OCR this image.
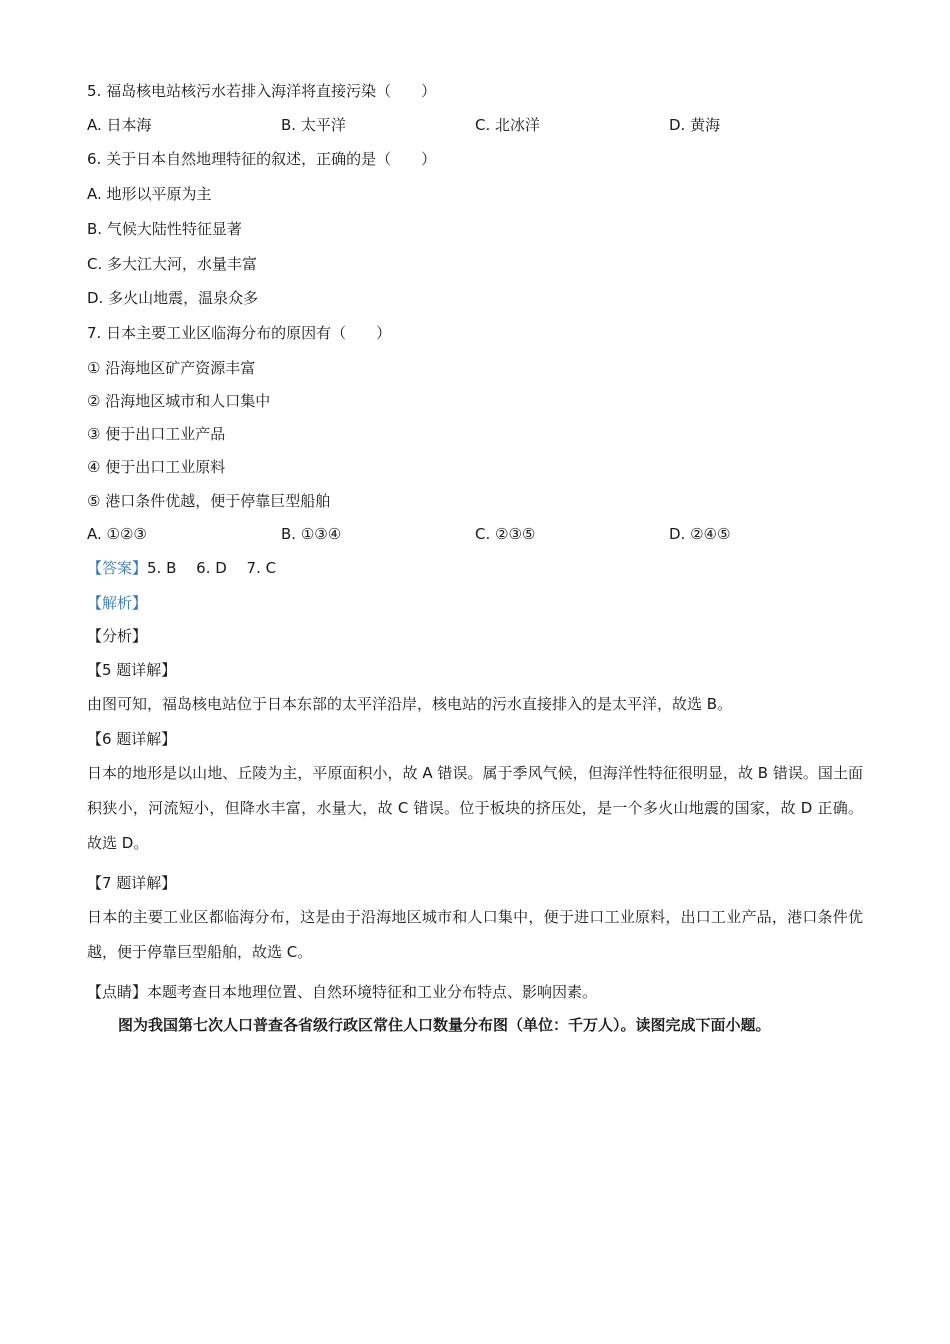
5. 福岛核电站核污水若排入海洋将直接污染（　　）
A. 日本海	B. 太平洋	C. 北冰洋	D. 黄海
6. 关于日本自然地理特征的叙述，正确的是（　　）
A. 地形以平原为主
B. 气候大陆性特征显著
C. 多大江大河，水量丰富
D. 多火山地震，温泉众多
7. 日本主要工业区临海分布的原因有（　　）
① 沿海地区矿产资源丰富
② 沿海地区城市和人口集中
③ 便于出口工业产品
④ 便于出口工业原料
⑤ 港口条件优越，便于停靠巨型船舶
A. ①②③	B. ①③④	C. ②③⑤	D. ②④⑤
【答案】5. B　 6. D　 7. C
【解析】
【分析】
【5 题详解】
由图可知，福岛核电站位于日本东部的太平洋沿岸，核电站的污水直接排入的是太平洋，故选 B。
【6 题详解】
日本的地形是以山地、丘陵为主，平原面积小，故 A 错误。属于季风气候，但海洋性特征很明显，故 B 错误。国土面积狭小，河流短小，但降水丰富，水量大，故 C 错误。位于板块的挤压处，是一个多火山地震的国家，故 D 正确。故选 D。
【7 题详解】
日本的主要工业区都临海分布，这是由于沿海地区城市和人口集中，便于进口工业原料，出口工业产品，港口条件优越，便于停靠巨型船舶，故选 C。
【点睛】本题考查日本地理位置、自然环境特征和工业分布特点、影响因素。
图为我国第七次人口普查各省级行政区常住人口数量分布图（单位：千万人）。读图完成下面小题。
